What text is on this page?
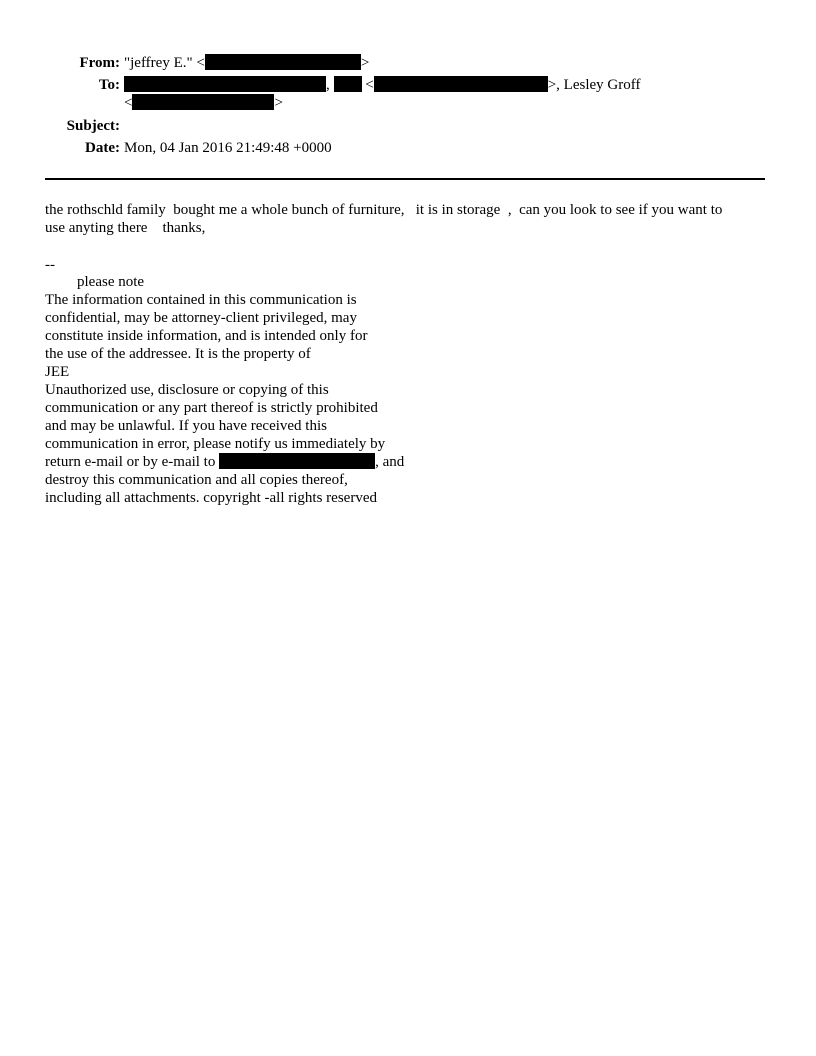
From: "jeffrey E." <	>
To:	,  <	>, Lesley Groff
<	>
Subject:
Date: Mon, 04 Jan 2016 21:49:48 +0000
the rothschld family  bought me a whole bunch of furniture,   it is in storage  ,  can you look to see if you want to
use anyting there    thanks,
--
please note
The information contained in this communication is
confidential, may be attorney-client privileged, may
constitute inside information, and is intended only for
the use of the addressee. It is the property of
JEE
Unauthorized use, disclosure or copying of this
communication or any part thereof is strictly prohibited
and may be unlawful. If you have received this
communication in error, please notify us immediately by
return e-mail or by e-mail to	, and
destroy this communication and all copies thereof,
including all attachments. copyright -all rights reserved
